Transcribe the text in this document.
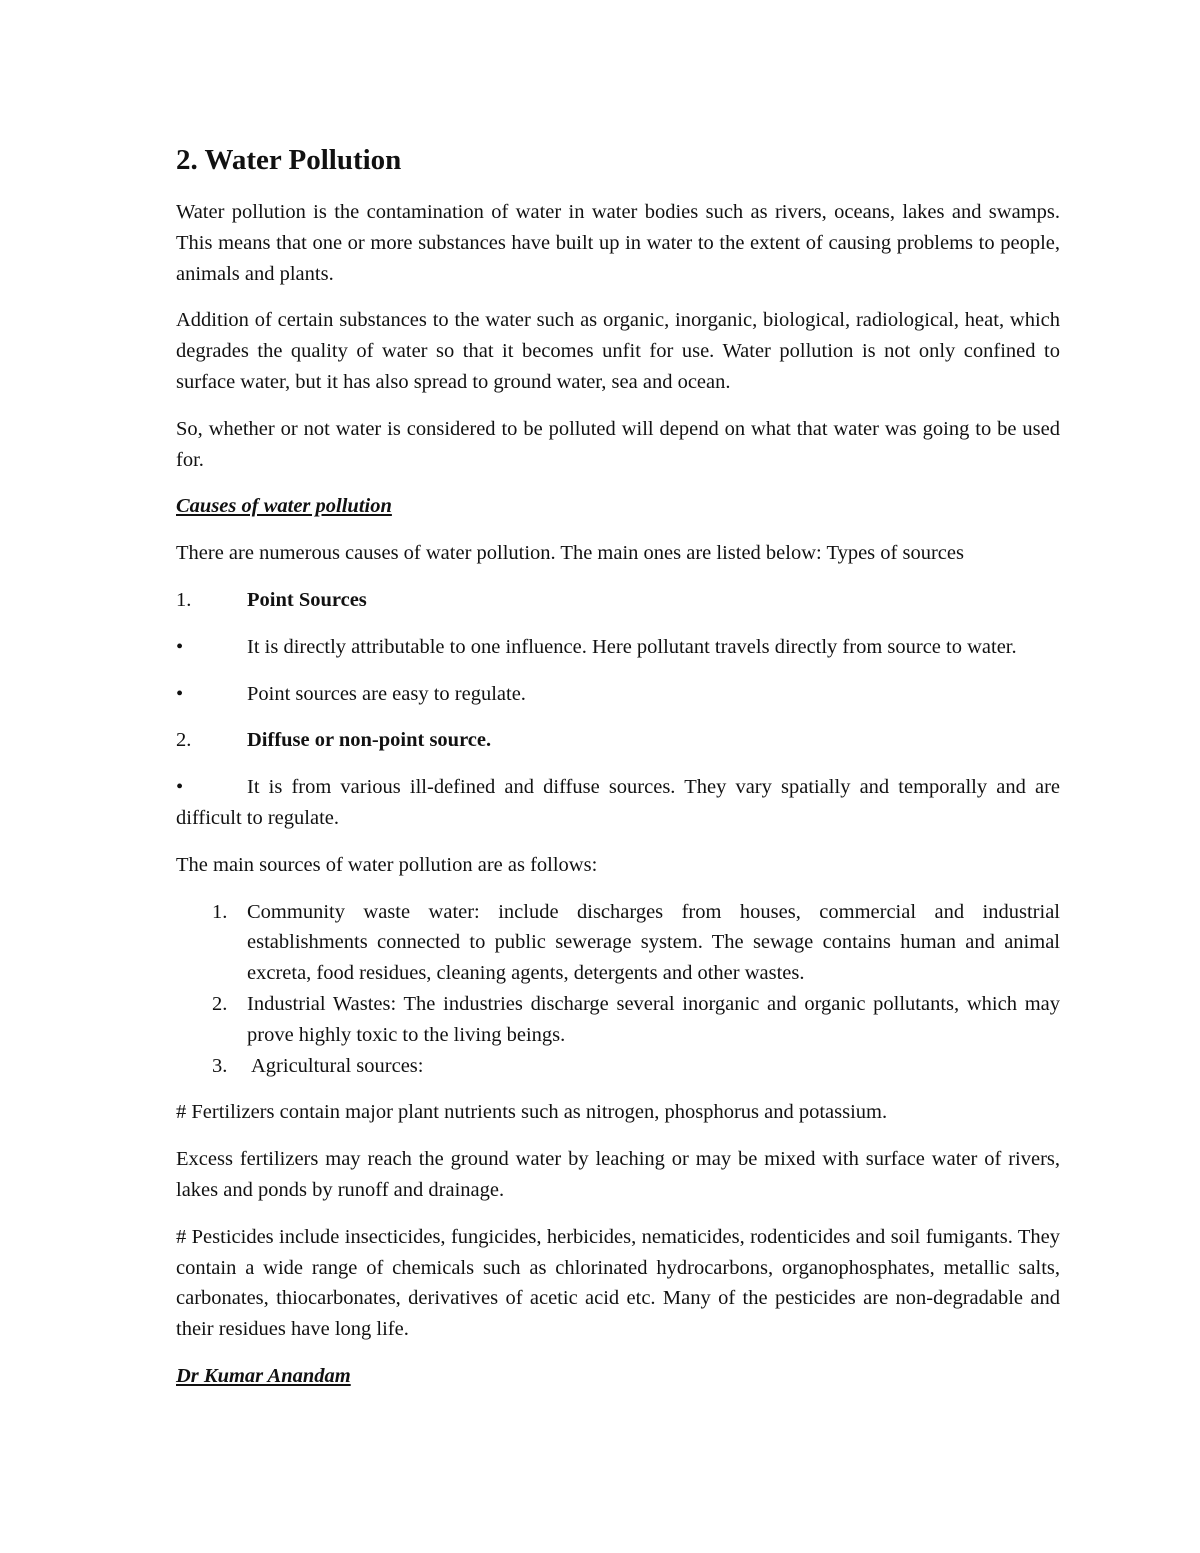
2. Water Pollution

Water pollution is the contamination of water in water bodies such as rivers, oceans, lakes and swamps. This means that one or more substances have built up in water to the extent of causing problems to people, animals and plants.

Addition of certain substances to the water such as organic, inorganic, biological, radiological, heat, which degrades the quality of water so that it becomes unfit for use. Water pollution is not only confined to surface water, but it has also spread to ground water, sea and ocean.

So, whether or not water is considered to be polluted will depend on what that water was going to be used for.

Causes of water pollution

There are numerous causes of water pollution. The main ones are listed below: Types of sources

1.	Point Sources

•	It is directly attributable to one influence. Here pollutant travels directly from source to water.

•	Point sources are easy to regulate.

2.	Diffuse or non-point source.

•	It is from various ill-defined and diffuse sources. They vary spatially and temporally and are difficult to regulate.

The main sources of water pollution are as follows:

1. Community waste water: include discharges from houses, commercial and industrial establishments connected to public sewerage system. The sewage contains human and animal excreta, food residues, cleaning agents, detergents and other wastes.
2. Industrial Wastes: The industries discharge several inorganic and organic pollutants, which may prove highly toxic to the living beings.
3. Agricultural sources:

# Fertilizers contain major plant nutrients such as nitrogen, phosphorus and potassium.

Excess fertilizers may reach the ground water by leaching or may be mixed with surface water of rivers, lakes and ponds by runoff and drainage.

# Pesticides include insecticides, fungicides, herbicides, nematicides, rodenticides and soil fumigants. They contain a wide range of chemicals such as chlorinated hydrocarbons, organophosphates, metallic salts, carbonates, thiocarbonates, derivatives of acetic acid etc. Many of the pesticides are non-degradable and their residues have long life.

Dr Kumar Anandam
